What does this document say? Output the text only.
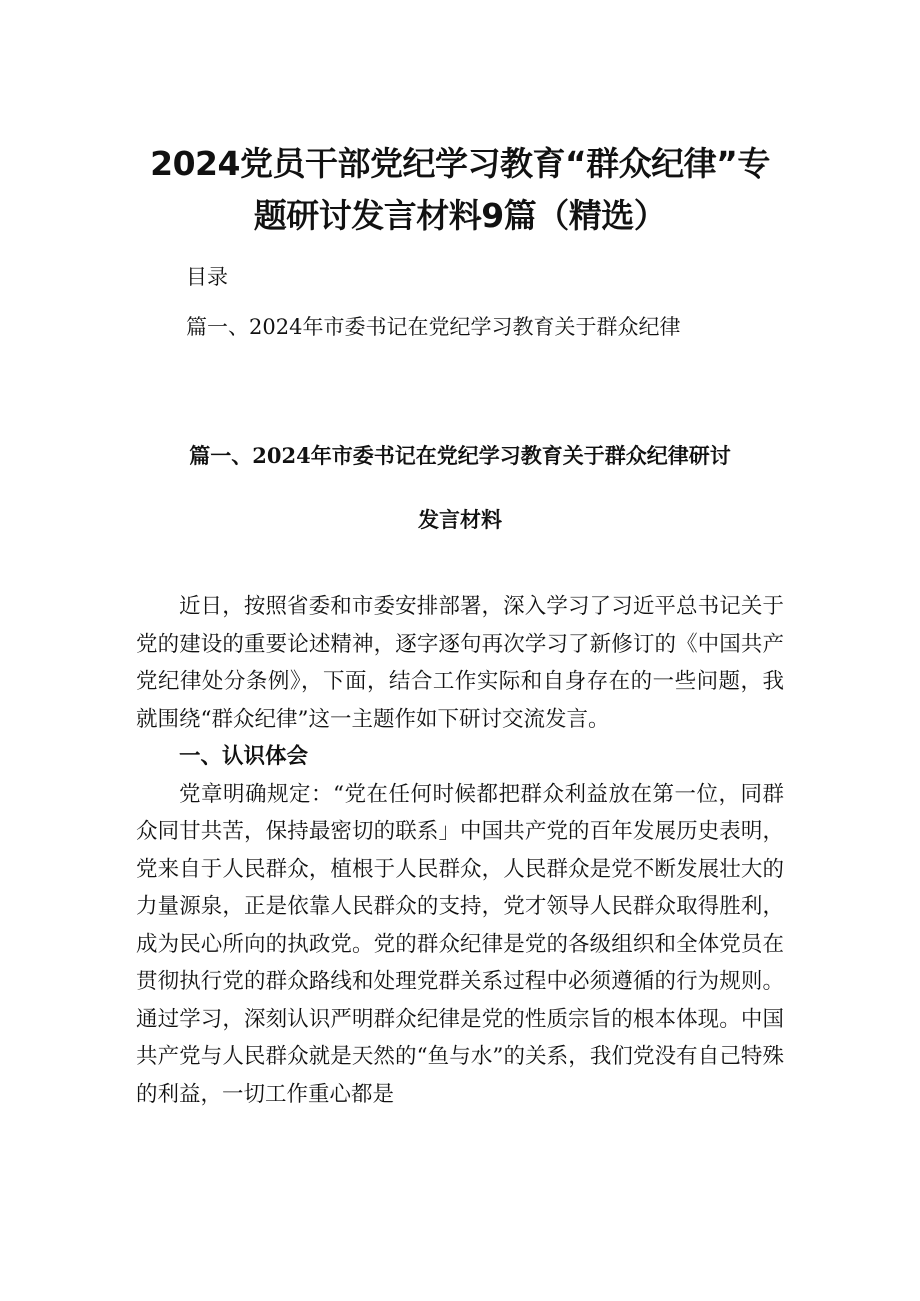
2024党员干部党纪学习教育“群众纪律”专
题研讨发言材料9篇（精选）
目录
篇一、2024年市委书记在党纪学习教育关于群众纪律
篇一、2024年市委书记在党纪学习教育关于群众纪律研讨
发言材料

近日，按照省委和市委安排部署，深入学习了习近平总书记关于党的建设的重要论述精神，逐字逐句再次学习了新修订的《中国共产党纪律处分条例》，下面，结合工作实际和自身存在的一些问题，我就围绕“群众纪律”这一主题作如下研讨交流发言。

一、认识体会

党章明确规定：“党在任何时候都把群众利益放在第一位，同群众同甘共苦，保持最密切的联系」中国共产党的百年发展历史表明，党来自于人民群众，植根于人民群众，人民群众是党不断发展壮大的力量源泉，正是依靠人民群众的支持，党才领导人民群众取得胜利，成为民心所向的执政党。党的群众纪律是党的各级组织和全体党员在贯彻执行党的群众路线和处理党群关系过程中必须遵循的行为规则。通过学习，深刻认识严明群众纪律是党的性质宗旨的根本体现。中国共产党与人民群众就是天然的“鱼与水”的关系，我们党没有自己特殊的利益，一切工作重心都是
